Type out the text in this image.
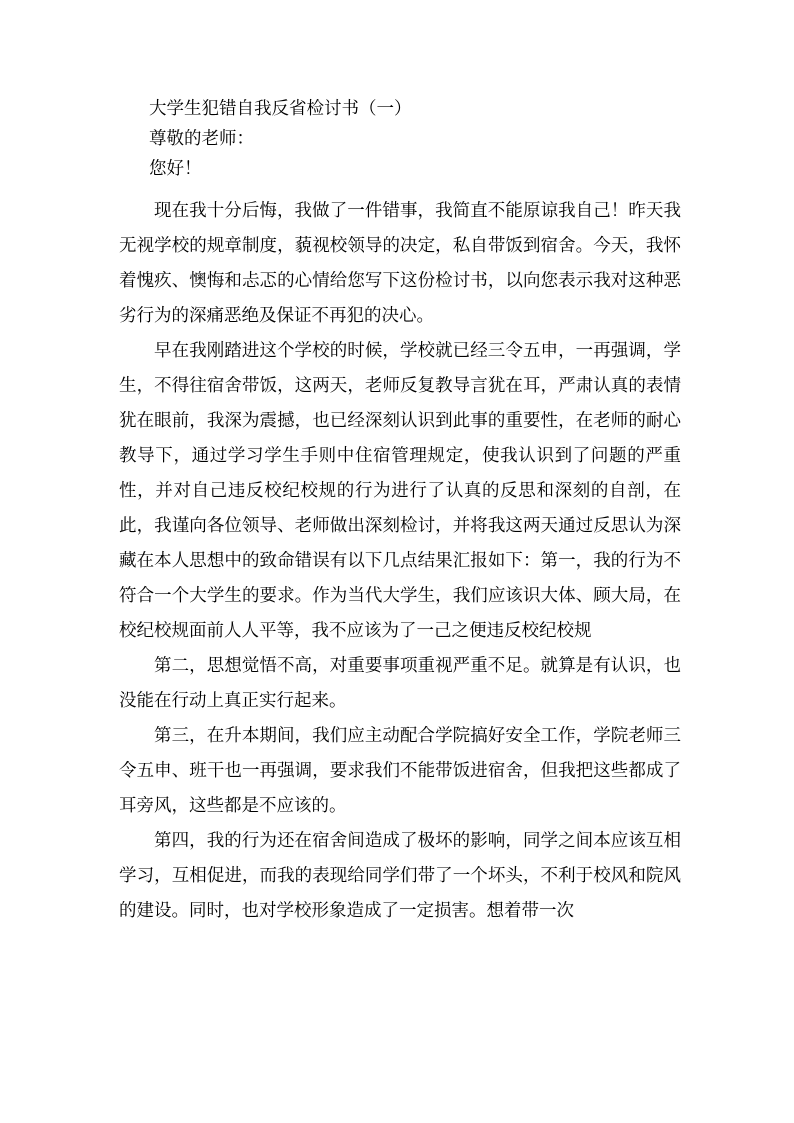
大学生犯错自我反省检讨书（一）

尊敬的老师：

您好！

现在我十分后悔，我做了一件错事，我简直不能原谅我自己！昨天我无视学校的规章制度，藐视校领导的决定，私自带饭到宿舍。今天，我怀着愧疚、懊悔和忐忑的心情给您写下这份检讨书，以向您表示我对这种恶劣行为的深痛恶绝及保证不再犯的决心。

早在我刚踏进这个学校的时候，学校就已经三令五申，一再强调，学生，不得往宿舍带饭，这两天，老师反复教导言犹在耳，严肃认真的表情犹在眼前，我深为震撼，也已经深刻认识到此事的重要性，在老师的耐心教导下，通过学习学生手则中住宿管理规定，使我认识到了问题的严重性，并对自己违反校纪校规的行为进行了认真的反思和深刻的自剖，在此，我谨向各位领导、老师做出深刻检讨，并将我这两天通过反思认为深藏在本人思想中的致命错误有以下几点结果汇报如下：第一，我的行为不符合一个大学生的要求。作为当代大学生，我们应该识大体、顾大局，在校纪校规面前人人平等，我不应该为了一己之便违反校纪校规

第二，思想觉悟不高，对重要事项重视严重不足。就算是有认识，也没能在行动上真正实行起来。

第三，在升本期间，我们应主动配合学院搞好安全工作，学院老师三令五申、班干也一再强调，要求我们不能带饭进宿舍，但我把这些都成了耳旁风，这些都是不应该的。

第四，我的行为还在宿舍间造成了极坏的影响，同学之间本应该互相学习，互相促进，而我的表现给同学们带了一个坏头，不利于校风和院风的建设。同时，也对学校形象造成了一定损害。想着带一次
